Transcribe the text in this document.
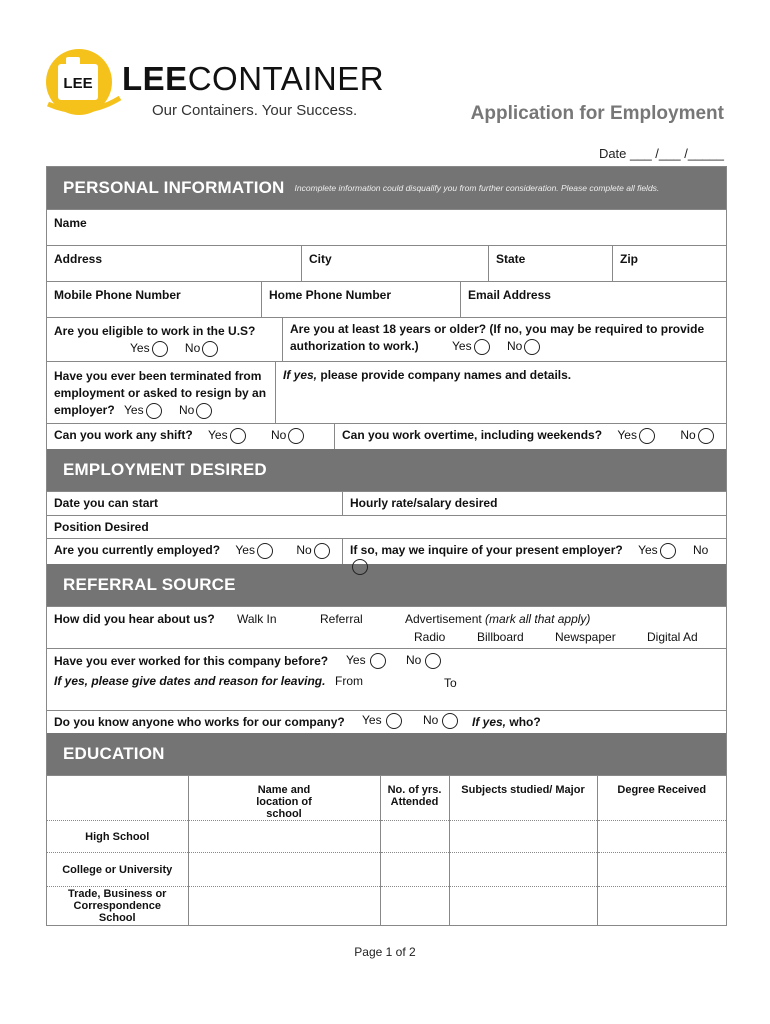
LEE LEECONTAINER
Our Containers. Your Success.	Application for Employment
Date ___ /___ /_____
PERSONAL INFORMATION Incomplete information could disqualify you from further consideration. Please complete all fields.
Name
Address	City	State	Zip
Mobile Phone Number	Home Phone Number	Email Address
Are you eligible to work in the U.S?
Yes	No
Are you at least 18 years or older? (If no, you may be required to provide authorization to work.)	Yes	No
Have you ever been terminated from employment or asked to resign by an employer? Yes	No
If yes, please provide company names and details.
Can you work any shift? Yes	No	Can you work overtime, including weekends? Yes	No
EMPLOYMENT DESIRED
Date you can start	Hourly rate/salary desired
Position Desired
Are you currently employed? Yes	No	If so, may we inquire of your present employer? Yes	No
REFERRAL SOURCE
How did you hear about us? Walk In	Referral	Advertisement (mark all that apply)
Radio	Billboard	Newspaper	Digital Ad
Have you ever worked for this company before? Yes	No
If yes, please give dates and reason for leaving. From	To
Do you know anyone who works for our company? Yes	No	If yes, who?
EDUCATION
	Name and location of school	No. of yrs. Attended	Subjects studied/ Major	Degree Received
High School				
College or University				
Trade, Business or Correspondence School				
Page 1 of 2
